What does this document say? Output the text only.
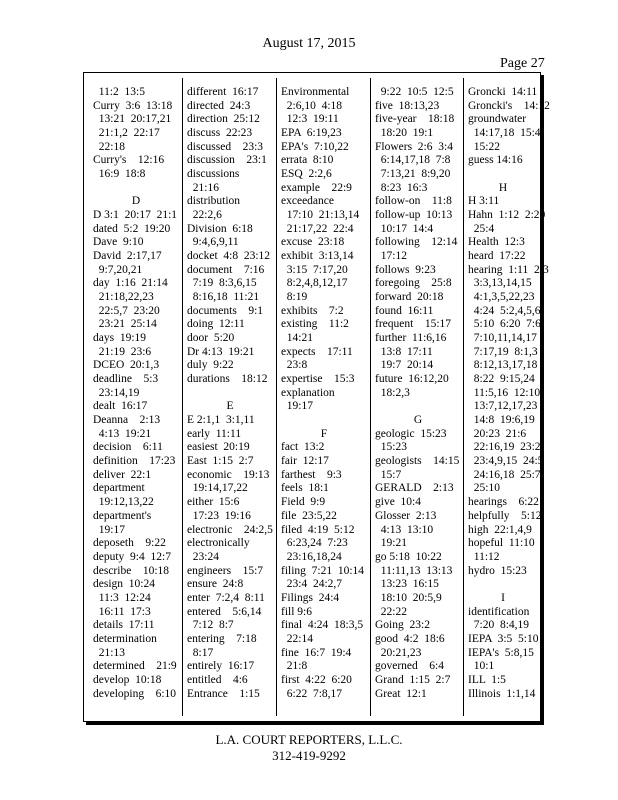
August 17, 2015
Page 27
11:2  13:5
Curry  3:6  13:18
13:21  20:17,21
21:1,2  22:17
22:18
Curry's    12:16
16:9  18:8
D
D 3:1  20:17  21:1
dated  5:2  19:20
Dave  9:10
David  2:17,17
9:7,20,21
day  1:16  21:14
21:18,22,23
22:5,7  23:20
23:21  25:14
days  19:19
21:19  23:6
DCEO  20:1,3
deadline    5:3
23:14,19
dealt  16:17
Deanna    2:13
4:13  19:21
decision    6:11
definition    17:23
deliver  22:1
department
19:12,13,22
department's
19:17
deposeth    9:22
deputy  9:4  12:7
describe    10:18
design  10:24
11:3  12:24
16:11  17:3
details  17:11
determination
21:13
determined    21:9
develop  10:18
developing    6:10
different  16:17
directed  24:3
direction  25:12
discuss  22:23
discussed    23:3
discussion    23:1
discussions
21:16
distribution
22:2,6
Division  6:18
9:4,6,9,11
docket  4:8  23:12
document    7:16
7:19  8:3,6,15
8:16,18  11:21
documents    9:1
doing  12:11
door  5:20
Dr 4:13  19:21
duly  9:22
durations    18:12
E
E 2:1,1  3:1,11
early  11:11
easiest  20:19
East  1:15  2:7
economic    19:13
19:14,17,22
either  15:6
17:23  19:16
electronic    24:2,5
electronically
23:24
engineers    15:7
ensure  24:8
enter  7:2,4  8:11
entered    5:6,14
7:12  8:7
entering    7:18
8:17
entirely  16:17
entitled    4:6
Entrance    1:15
Environmental
2:6,10  4:18
12:3  19:11
EPA  6:19,23
EPA's  7:10,22
errata  8:10
ESQ  2:2,6
example    22:9
exceedance
17:10  21:13,14
21:17,22  22:4
excuse  23:18
exhibit  3:13,14
3:15  7:17,20
8:2,4,8,12,17
8:19
exhibits    7:2
existing    11:2
14:21
expects    17:11
23:8
expertise    15:3
explanation
19:17
F
fact  13:2
fair  12:17
farthest    9:3
feels  18:1
Field  9:9
file  23:5,22
filed  4:19  5:12
6:23,24  7:23
23:16,18,24
filing  7:21  10:14
23:4  24:2,7
Filings  24:4
fill 9:6
final  4:24  18:3,5
22:14
fine  16:7  19:4
21:8
first  4:22  6:20
6:22  7:8,17
9:22  10:5  12:5
five  18:13,23
five-year    18:18
18:20  19:1
Flowers  2:6  3:4
6:14,17,18  7:8
7:13,21  8:9,20
8:23  16:3
follow-on    11:8
follow-up  10:13
10:17  14:4
following    12:14
17:12
follows  9:23
foregoing    25:8
forward  20:18
found  16:11
frequent    15:17
further  11:6,16
13:8  17:11
19:7  20:14
future  16:12,20
18:2,3
G
geologic  15:23
15:23
geologists    14:15
15:7
GERALD    2:13
give  10:4
Glosser  2:13
4:13  13:10
19:21
go 5:18  10:22
11:11,13  13:13
13:23  16:15
18:10  20:5,9
22:22
Going  23:2
good  4:2  18:6
20:21,23
governed    6:4
Grand  1:15  2:7
Great  12:1
Groncki  14:11
Groncki's    14:12
groundwater
14:17,18  15:4
15:22
guess 14:16
H
H 3:11
Hahn  1:12  2:20
25:4
Health  12:3
heard  17:22
hearing  1:11  2:3
3:3,13,14,15
4:1,3,5,22,23
4:24  5:2,4,5,6
5:10  6:20  7:6
7:10,11,14,17
7:17,19  8:1,3
8:12,13,17,18
8:22  9:15,24
11:5,16  12:10
13:7,12,17,23
14:8  19:6,19
20:23  21:6
22:16,19  23:2
23:4,9,15  24:5
24:16,18  25:7
25:10
hearings    6:22
helpfully    5:12
high  22:1,4,9
hopeful  11:10
11:12
hydro  15:23
I
identification
7:20  8:4,19
IEPA  3:5  5:10
IEPA's  5:8,15
10:1
ILL  1:5
Illinois  1:1,14
L.A. COURT REPORTERS, L.L.C.
312-419-9292
